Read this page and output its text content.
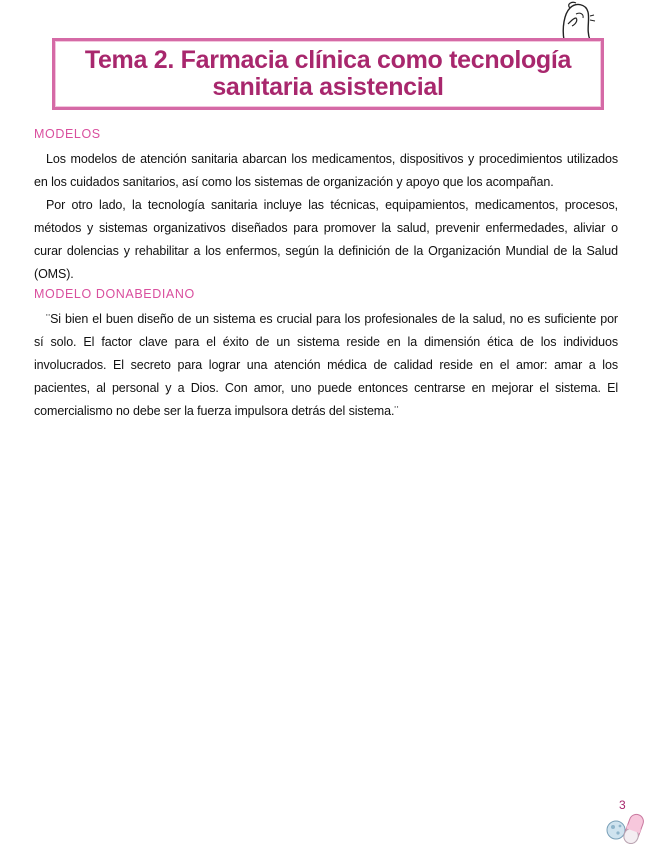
Tema 2. Farmacia clínica como tecnología
sanitaria asistencial
MODELOS

Los modelos de atención sanitaria abarcan los medicamentos, dispositivos y procedimientos utilizados en los cuidados sanitarios, así como los sistemas de organización y apoyo que los acompañan.

Por otro lado, la tecnología sanitaria incluye las técnicas, equipamientos, medicamentos, procesos, métodos y sistemas organizativos diseñados para promover la salud, prevenir enfermedades, aliviar o curar dolencias y rehabilitar a los enfermos, según la definición de la Organización Mundial de la Salud (OMS).

MODELO DONABEDIANO

¨Si bien el buen diseño de un sistema es crucial para los profesionales de la salud, no es suficiente por sí solo. El factor clave para el éxito de un sistema reside en la dimensión ética de los individuos involucrados. El secreto para lograr una atención médica de calidad reside en el amor: amar a los pacientes, al personal y a Dios. Con amor, uno puede entonces centrarse en mejorar el sistema. El comercialismo no debe ser la fuerza impulsora detrás del sistema.¨

3
